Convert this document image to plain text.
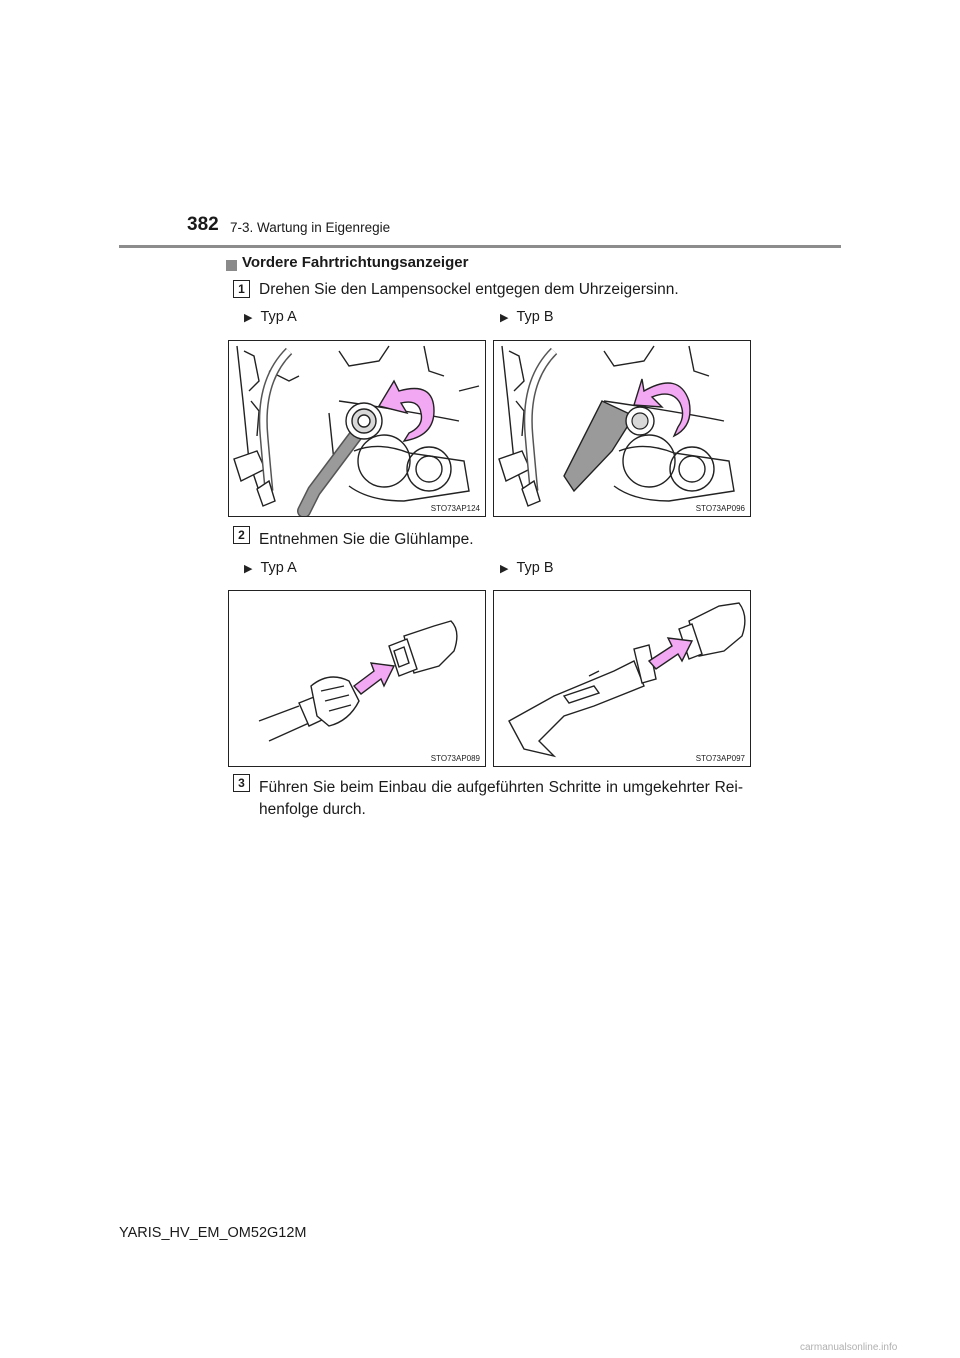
382 7-3. Wartung in Eigenregie
Vordere Fahrtrichtungsanzeiger
1 Drehen Sie den Lampensockel entgegen dem Uhrzeigersinn.
▶ Typ A	▶ Typ B
STO73AP124	STO73AP096
2 Entnehmen Sie die Glühlampe.
▶ Typ A	▶ Typ B
STO73AP089	STO73AP097
3 Führen Sie beim Einbau die aufgeführten Schritte in umgekehrter Rei-henfolge durch.
YARIS_HV_EM_OM52G12M
carmanualsonline.info
